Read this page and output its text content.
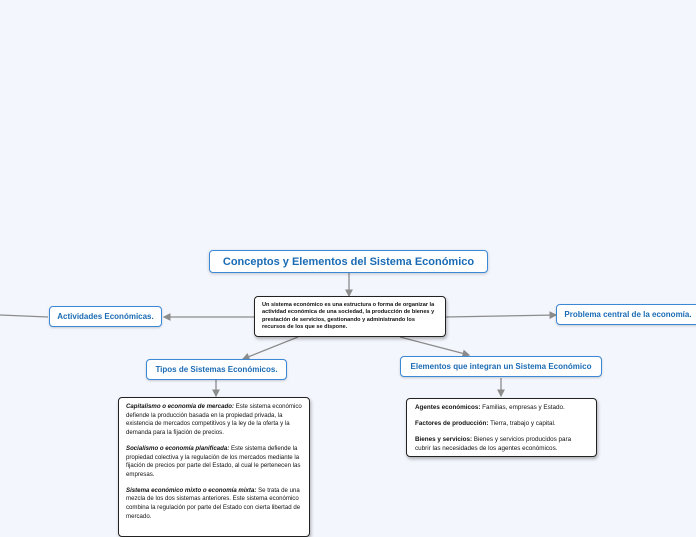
Conceptos y Elementos del Sistema Económico
Un sistema económico es una estructura o forma de organizar la actividad económica de una sociedad, la producción de bienes y prestación de servicios, gestionando y administrando los recursos de los que se dispone.
Actividades Económicas.	Problema central de la economía.
Tipos de Sistemas Económicos.	Elementos que integran un Sistema Económico

Capitalismo o economía de mercado: Este sistema económico defiende la producción basada en la propiedad privada, la existencia de mercados competitivos y la ley de la oferta y la demanda para la fijación de precios.

Socialismo o economía planificada: Este sistema defiende la propiedad colectiva y la regulación de los mercados mediante la fijación de precios por parte del Estado, al cual le pertenecen las empresas.

Sistema económico mixto o economía mixta: Se trata de una mezcla de los dos sistemas anteriores. Este sistema económico combina la regulación por parte del Estado con cierta libertad de mercado.

Agentes económicos: Familias, empresas y Estado.

Factores de producción: Tierra, trabajo y capital.

Bienes y servicios: Bienes y servicios producidos para cubrir las necesidades de los agentes económicos.
